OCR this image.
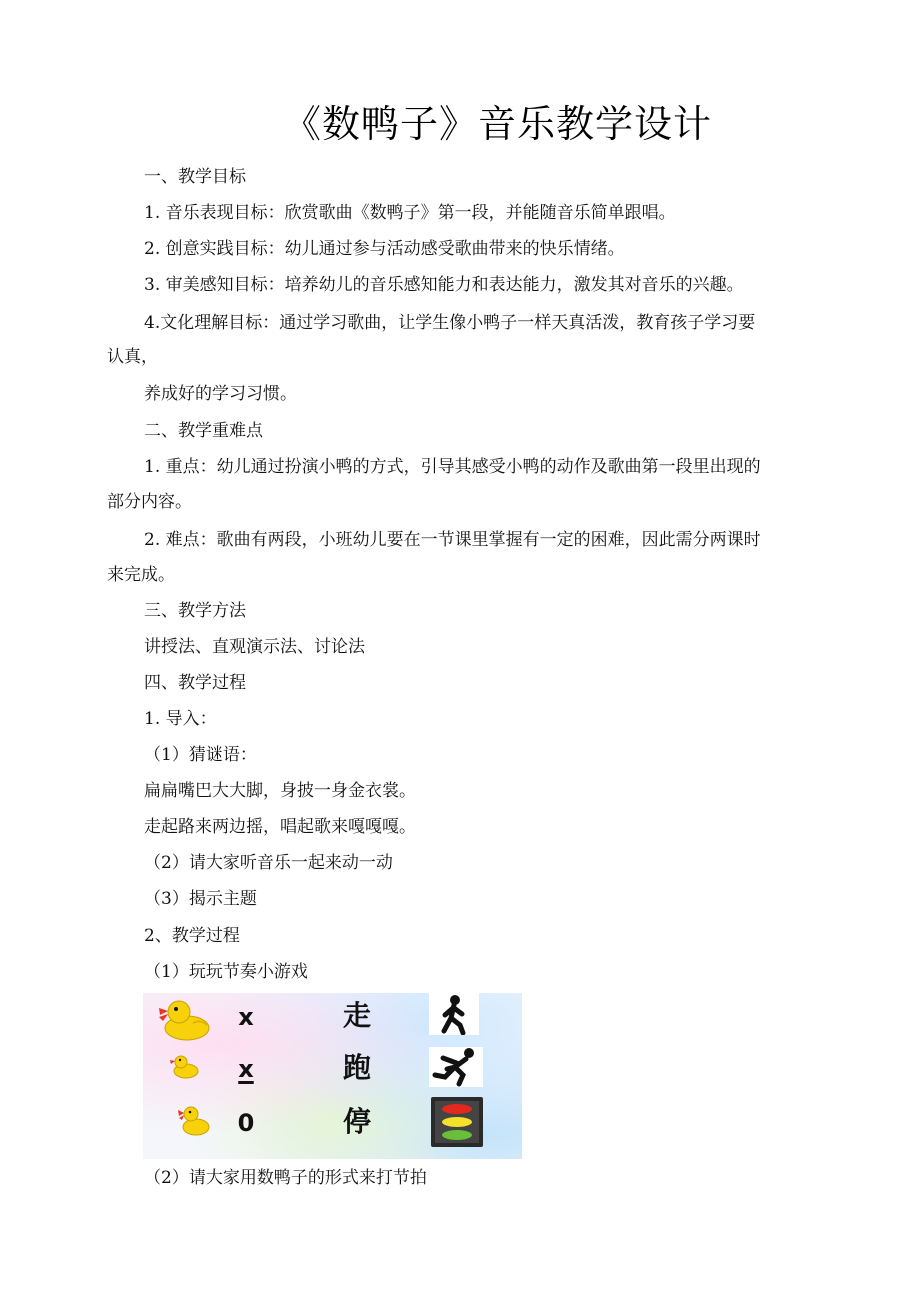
《数鸭子》音乐教学设计
一、教学目标
1. 音乐表现目标：欣赏歌曲《数鸭子》第一段，并能随音乐简单跟唱。
2. 创意实践目标：幼儿通过参与活动感受歌曲带来的快乐情绪。
3. 审美感知目标：培养幼儿的音乐感知能力和表达能力，激发其对音乐的兴趣。
4.文化理解目标：通过学习歌曲，让学生像小鸭子一样天真活泼，教育孩子学习要
认真，
养成好的学习习惯。
二、教学重难点
1. 重点：幼儿通过扮演小鸭的方式，引导其感受小鸭的动作及歌曲第一段里出现的
部分内容。
2. 难点：歌曲有两段，小班幼儿要在一节课里掌握有一定的困难，因此需分两课时
来完成。
三、教学方法
讲授法、直观演示法、讨论法
四、教学过程
1. 导入：
（1）猜谜语：
扁扁嘴巴大大脚，身披一身金衣裳。
走起路来两边摇，唱起歌来嘎嘎嘎。
（2）请大家听音乐一起来动一动
（3）揭示主题
2、教学过程
（1）玩玩节奏小游戏
x	走
x	跑
0	停
（2）请大家用数鸭子的形式来打节拍
